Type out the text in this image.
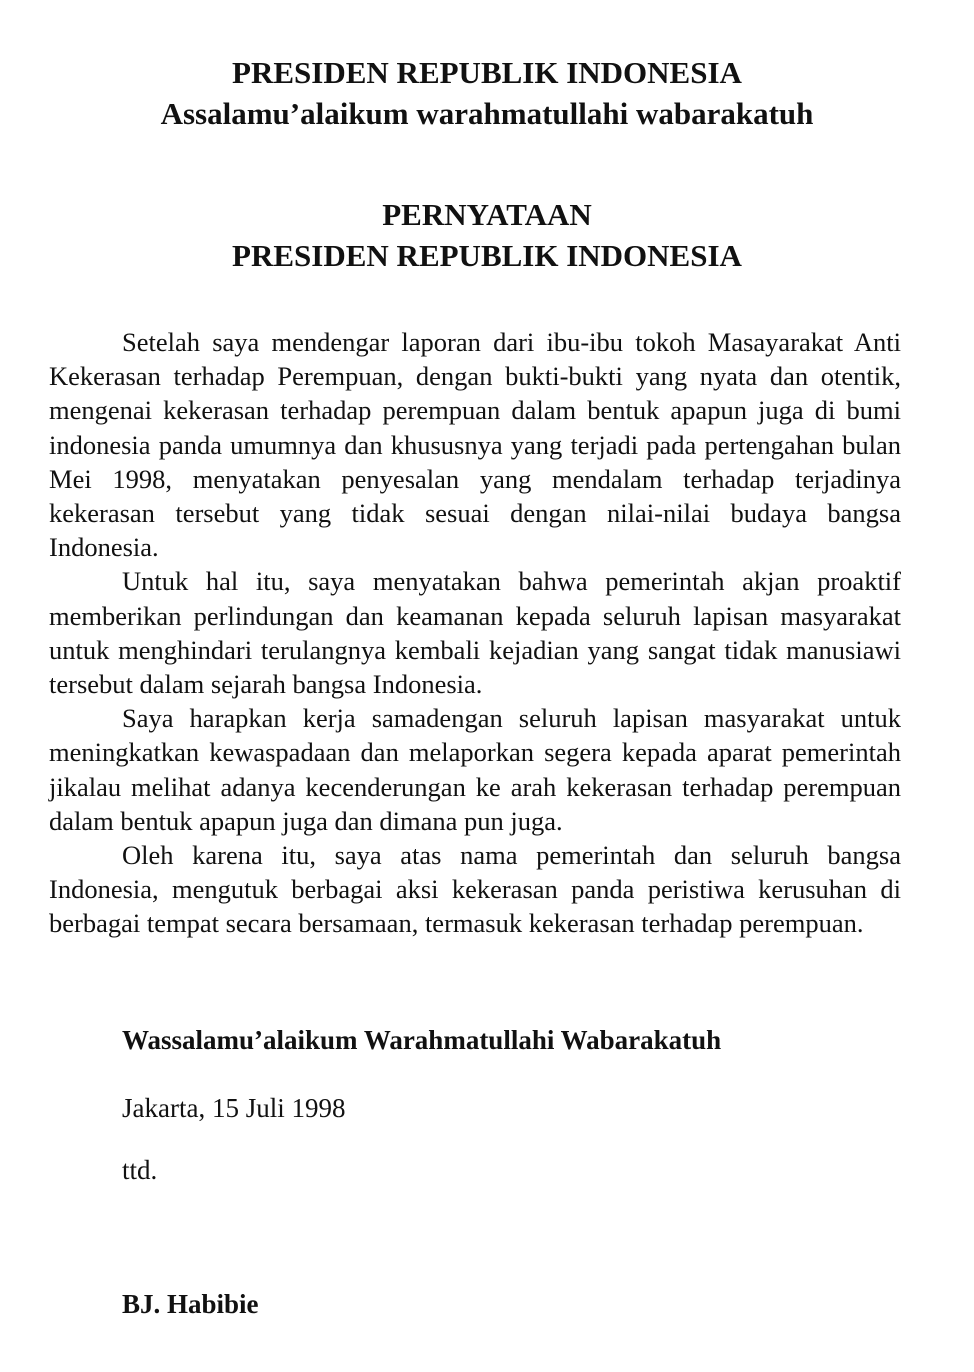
PRESIDEN REPUBLIK INDONESIA
Assalamu’alaikum warahmatullahi wabarakatuh
PERNYATAAN
PRESIDEN REPUBLIK INDONESIA

Setelah saya mendengar laporan dari ibu-ibu tokoh Masayarakat Anti Kekerasan terhadap Perempuan, dengan bukti-bukti yang nyata dan otentik, mengenai kekerasan terhadap perempuan dalam bentuk apapun juga di bumi indonesia panda umumnya dan khususnya yang terjadi pada pertengahan bulan Mei 1998, menyatakan penyesalan yang mendalam terhadap terjadinya kekerasan tersebut yang tidak sesuai dengan nilai-nilai budaya bangsa Indonesia.

Untuk hal itu, saya menyatakan bahwa pemerintah akjan proaktif memberikan perlindungan dan keamanan kepada seluruh lapisan masyarakat untuk menghindari terulangnya kembali kejadian yang sangat tidak manusiawi tersebut dalam sejarah bangsa Indonesia.

Saya harapkan kerja samadengan seluruh lapisan masyarakat untuk meningkatkan kewaspadaan dan melaporkan segera kepada aparat pemerintah jikalau melihat adanya kecenderungan ke arah kekerasan terhadap perempuan dalam bentuk apapun juga dan dimana pun juga.

Oleh karena itu, saya atas nama pemerintah dan seluruh bangsa Indonesia, mengutuk berbagai aksi kekerasan panda peristiwa kerusuhan di berbagai tempat secara bersamaan, termasuk kekerasan terhadap perempuan.

Wassalamu’alaikum Warahmatullahi Wabarakatuh
Jakarta, 15 Juli 1998
ttd.
BJ. Habibie
